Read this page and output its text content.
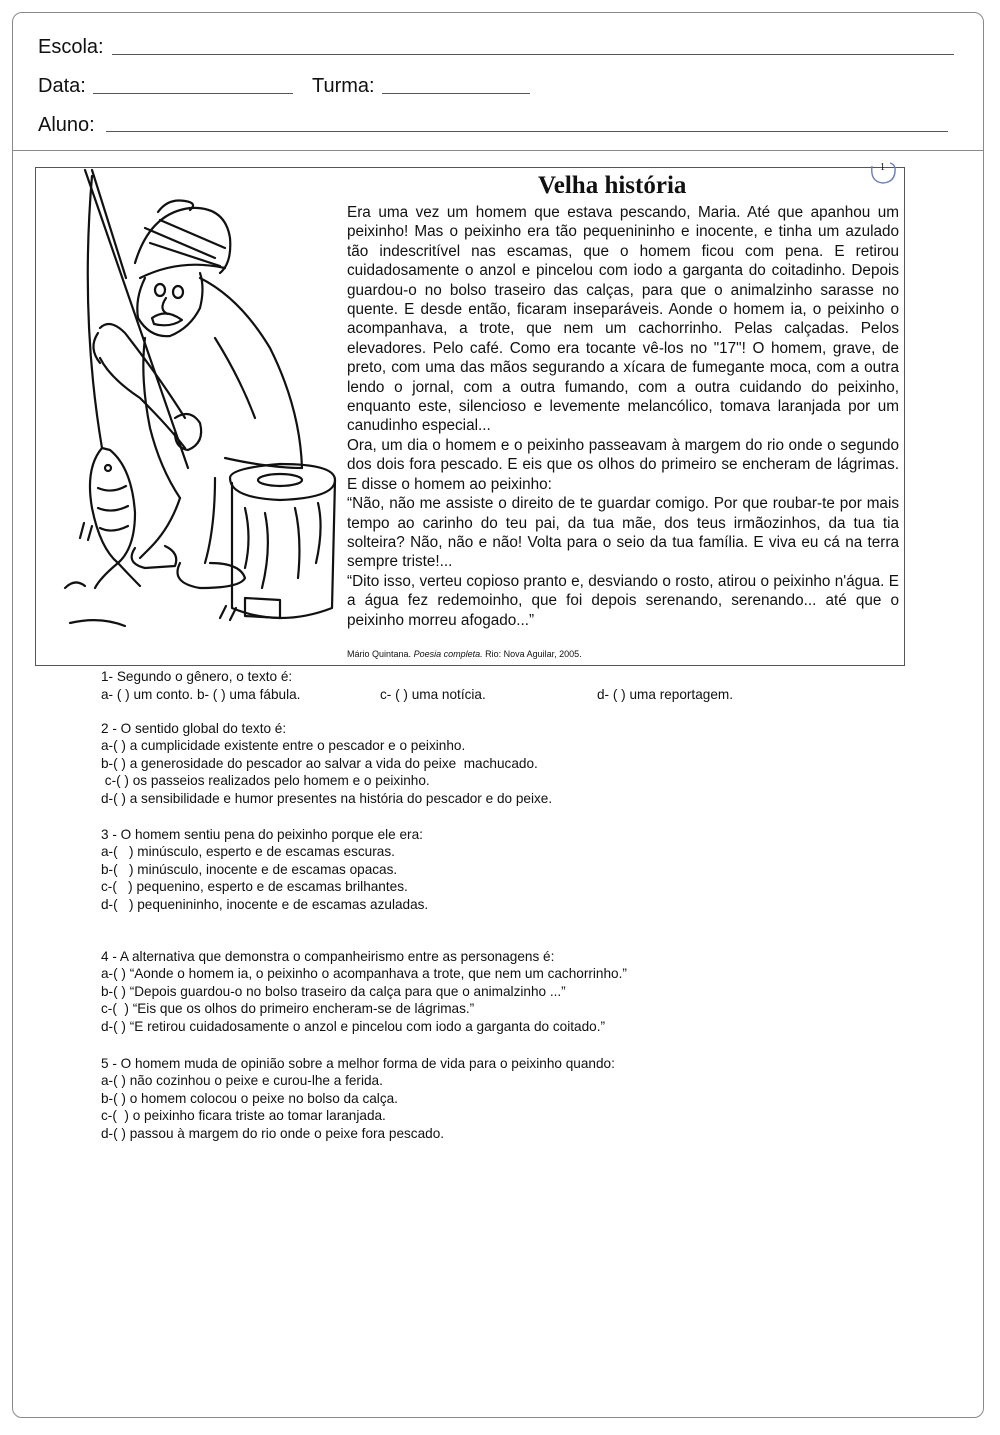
Escola:
Data:	Turma:
Aluno:
1
Velha história

Era uma vez um homem que estava pescando, Maria. Até que apanhou um peixinho! Mas o peixinho era tão pequenininho e inocente, e tinha um azulado tão indescritível nas escamas, que o homem ficou com pena. E retirou cuidadosamente o anzol e pincelou com iodo a garganta do coitadinho. Depois guardou-o no bolso traseiro das calças, para que o animalzinho sarasse no quente. E desde então, ficaram inseparáveis. Aonde o homem ia, o peixinho o acompanhava, a trote, que nem um cachorrinho. Pelas calçadas. Pelos elevadores. Pelo café. Como era tocante vê-los no "17"! O homem, grave, de preto, com uma das mãos segurando a xícara de fumegante moca, com a outra lendo o jornal, com a outra fumando, com a outra cuidando do peixinho, enquanto este, silencioso e levemente melancólico, tomava laranjada por um canudinho especial...

Ora, um dia o homem e o peixinho passeavam à margem do rio onde o segundo dos dois fora pescado. E eis que os olhos do primeiro se encheram de lágrimas. E disse o homem ao peixinho:

“Não, não me assiste o direito de te guardar comigo. Por que roubar-te por mais tempo ao carinho do teu pai, da tua mãe, dos teus irmãozinhos, da tua tia solteira? Não, não e não! Volta para o seio da tua família. E viva eu cá na terra sempre triste!...

“Dito isso, verteu copioso pranto e, desviando o rosto, atirou o peixinho n'água. E a água fez redemoinho, que foi depois serenando, serenando... até que o peixinho morreu afogado...”

Mário Quintana. Poesia completa. Rio: Nova Aguilar, 2005.
1- Segundo o gênero, o texto é:
a- ( ) um conto. b- ( ) uma fábula.	c- ( ) uma notícia.	d- ( ) uma reportagem.
2 - O sentido global do texto é:
a-( ) a cumplicidade existente entre o pescador e o peixinho.
b-( ) a generosidade do pescador ao salvar a vida do peixe  machucado.
c-( ) os passeios realizados pelo homem e o peixinho.
d-( ) a sensibilidade e humor presentes na história do pescador e do peixe.
3 - O homem sentiu pena do peixinho porque ele era:
a-(   ) minúsculo, esperto e de escamas escuras.
b-(   ) minúsculo, inocente e de escamas opacas.
c-(   ) pequenino, esperto e de escamas brilhantes.
d-(   ) pequenininho, inocente e de escamas azuladas.
4 - A alternativa que demonstra o companheirismo entre as personagens é:
a-( ) “Aonde o homem ia, o peixinho o acompanhava a trote, que nem um cachorrinho.”
b-( ) “Depois guardou-o no bolso traseiro da calça para que o animalzinho ...”
c-(  ) “Eis que os olhos do primeiro encheram-se de lágrimas.”
d-( ) “E retirou cuidadosamente o anzol e pincelou com iodo a garganta do coitado.”
5 - O homem muda de opinião sobre a melhor forma de vida para o peixinho quando:
a-( ) não cozinhou o peixe e curou-lhe a ferida.
b-( ) o homem colocou o peixe no bolso da calça.
c-(  ) o peixinho ficara triste ao tomar laranjada.
d-( ) passou à margem do rio onde o peixe fora pescado.
